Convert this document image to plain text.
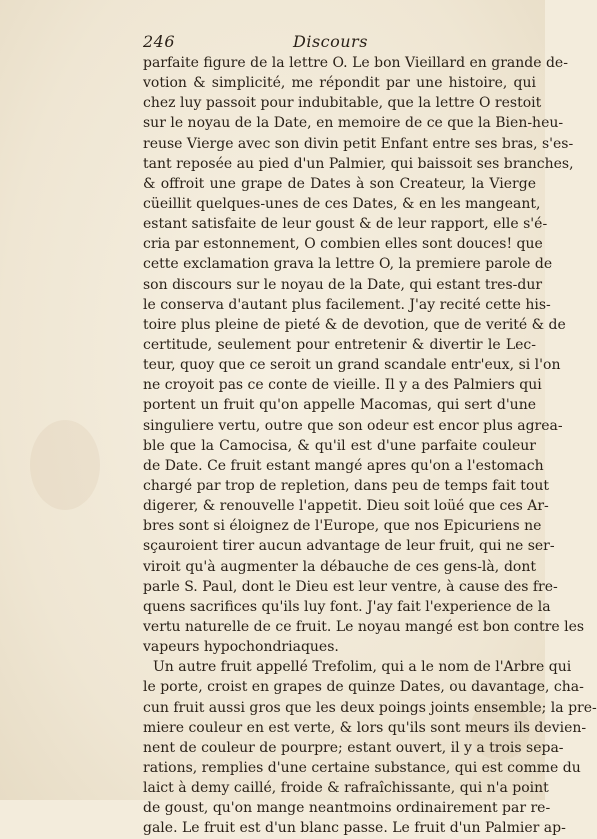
246	Discours
parfaite figure de la lettre O. Le bon Vieillard en grande de-
votion & simplicité, me répondit par une histoire, qui
chez luy passoit pour indubitable, que la lettre O restoit
sur le noyau de la Date, en memoire de ce que la Bien-heu-
reuse Vierge avec son divin petit Enfant entre ses bras, s'es-
tant reposée au pied d'un Palmier, qui baissoit ses branches,
& offroit une grape de Dates à son Createur, la Vierge
cüeillit quelques-unes de ces Dates, & en les mangeant,
estant satisfaite de leur goust & de leur rapport, elle s'é-
cria par estonnement, O combien elles sont douces! que
cette exclamation grava la lettre O, la premiere parole de
son discours sur le noyau de la Date, qui estant tres-dur
le conserva d'autant plus facilement. J'ay recité cette his-
toire plus pleine de pieté & de devotion, que de verité & de
certitude, seulement pour entretenir & divertir le Lec-
teur, quoy que ce seroit un grand scandale entr'eux, si l'on
ne croyoit pas ce conte de vieille. Il y a des Palmiers qui
portent un fruit qu'on appelle Macomas, qui sert d'une
singuliere vertu, outre que son odeur est encor plus agrea-
ble que la Camocisa, & qu'il est d'une parfaite couleur
de Date. Ce fruit estant mangé apres qu'on a l'estomach
chargé par trop de repletion, dans peu de temps fait tout
digerer, & renouvelle l'appetit. Dieu soit loüé que ces Ar-
bres sont si éloignez de l'Europe, que nos Epicuriens ne
sçauroient tirer aucun advantage de leur fruit, qui ne ser-
viroit qu'à augmenter la débauche de ces gens-là, dont
parle S. Paul, dont le Dieu est leur ventre, à cause des fre-
quens sacrifices qu'ils luy font. J'ay fait l'experience de la
vertu naturelle de ce fruit. Le noyau mangé est bon contre les
vapeurs hypochondriaques.
Un autre fruit appellé Trefolim, qui a le nom de l'Arbre qui
le porte, croist en grapes de quinze Dates, ou davantage, cha-
cun fruit aussi gros que les deux poings joints ensemble; la pre-
miere couleur en est verte, & lors qu'ils sont meurs ils devien-
nent de couleur de pourpre; estant ouvert, il y a trois sepa-
rations, remplies d'une certaine substance, qui est comme du
laict à demy caillé, froide & rafraîchissante, qui n'a point
de goust, qu'on mange neantmoins ordinairement par re-
gale. Le fruit est d'un blanc passe. Le fruit d'un Palmier ap-
